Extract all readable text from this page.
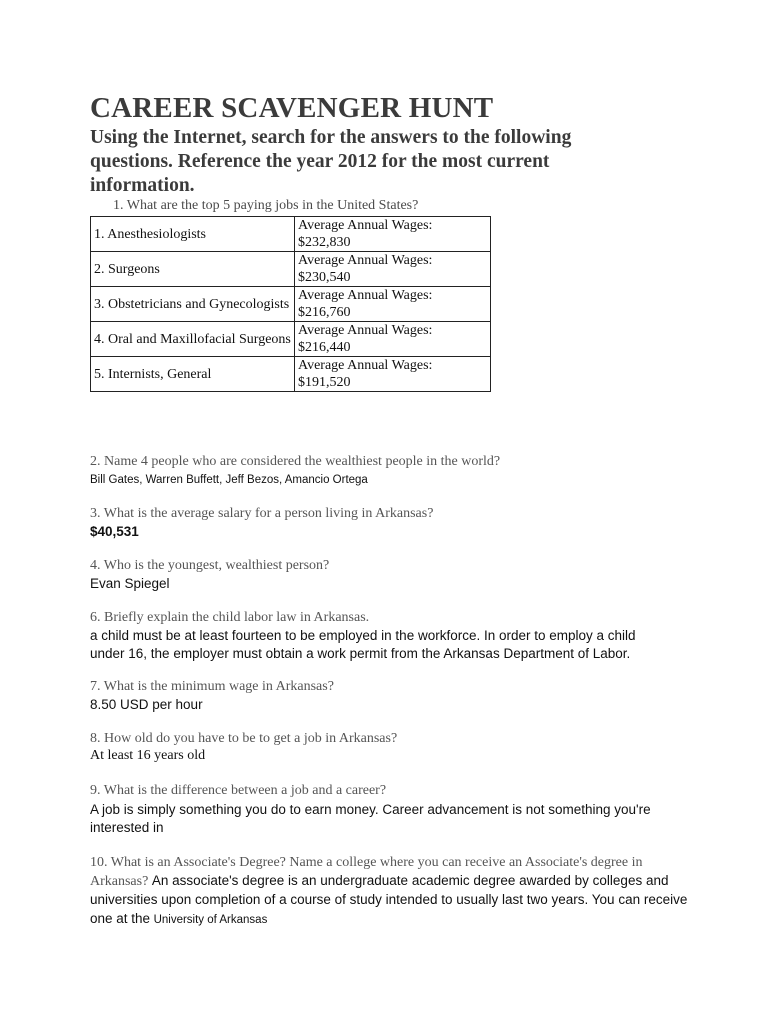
CAREER SCAVENGER HUNT
Using the Internet, search for the answers to the following questions. Reference the year 2012 for the most current information.
1. What are the top 5 paying jobs in the United States?
1. Anesthesiologists	Average Annual Wages:
$232,830
2. Surgeons	Average Annual Wages:
$230,540
3. Obstetricians and Gynecologists	Average Annual Wages:
$216,760
4. Oral and Maxillofacial Surgeons	Average Annual Wages:
$216,440
5. Internists, General	Average Annual Wages:
$191,520
2. Name 4 people who are considered the wealthiest people in the world?
Bill Gates, Warren Buffett, Jeff Bezos, Amancio Ortega
3. What is the average salary for a person living in Arkansas?
$40,531
4. Who is the youngest, wealthiest person?
Evan Spiegel
6. Briefly explain the child labor law in Arkansas.
a child must be at least fourteen to be employed in the workforce. In order to employ a child under 16, the employer must obtain a work permit from the Arkansas Department of Labor.
7. What is the minimum wage in Arkansas?
8.50 USD per hour
8. How old do you have to be to get a job in Arkansas?
At least 16 years old
9. What is the difference between a job and a career?
A job is simply something you do to earn money. Career advancement is not something you're interested in
10. What is an Associate's Degree? Name a college where you can receive an Associate's degree in Arkansas? An associate's degree is an undergraduate academic degree awarded by colleges and universities upon completion of a course of study intended to usually last two years. You can receive one at the University of Arkansas
